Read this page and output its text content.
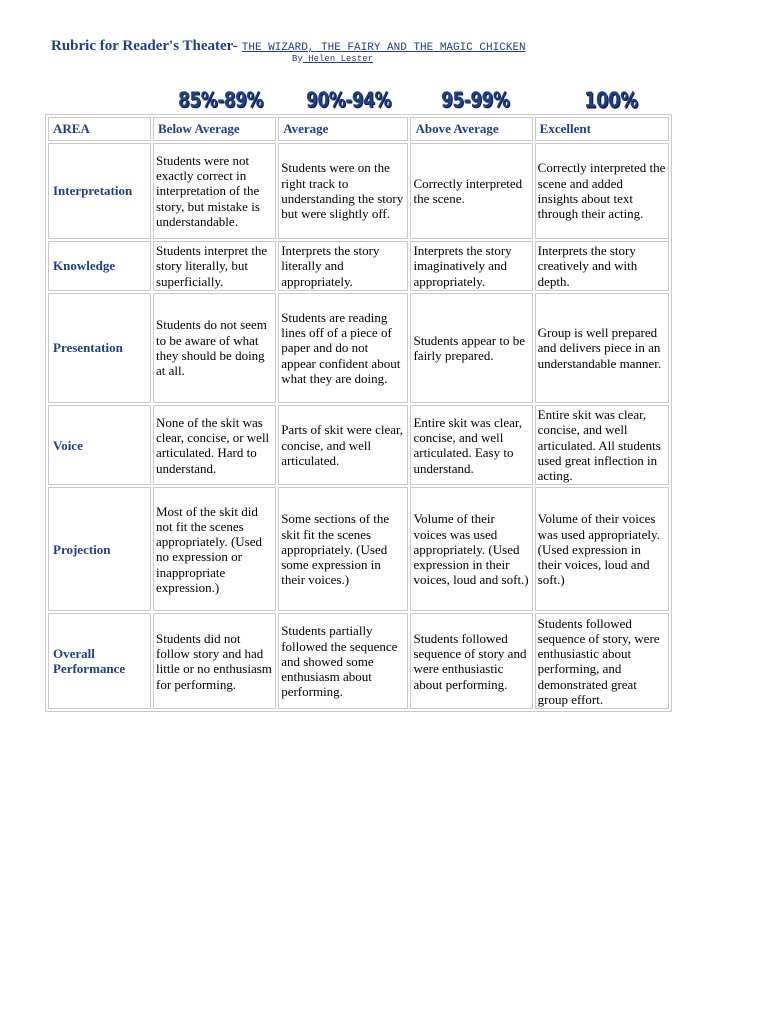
Rubric for Reader's Theater- THE WIZARD, THE FAIRY AND THE MAGIC CHICKEN
By Helen Lester
85%-89%	90%-94%	95-99%	100%
AREA	Below Average	Average	Above Average	Excellent
Interpretation	Students were not exactly correct in interpretation of the story, but mistake is understandable.	Students were on the right track to understanding the story but were slightly off.	Correctly interpreted the scene.	Correctly interpreted the scene and added insights about text through their acting.
Knowledge	Students interpret the story literally, but superficially.	Interprets the story literally and appropriately.	Interprets the story imaginatively and appropriately.	Interprets the story creatively and with depth.
Presentation	Students do not seem to be aware of what they should be doing at all.	Students are reading lines off of a piece of paper and do not appear confident about what they are doing.	Students appear to be fairly prepared.	Group is well prepared and delivers piece in an understandable manner.
Voice	None of the skit was clear, concise, or well articulated. Hard to understand.	Parts of skit were clear, concise, and well articulated.	Entire skit was clear, concise, and well articulated. Easy to understand.	Entire skit was clear, concise, and well articulated. All students used great inflection in acting.
Projection	Most of the skit did not fit the scenes appropriately. (Used no expression or inappropriate expression.)	Some sections of the skit fit the scenes appropriately. (Used some expression in their voices.)	Volume of their voices was used appropriately. (Used expression in their voices, loud and soft.)	Volume of their voices was used appropriately. (Used expression in their voices, loud and soft.)
Overall Performance	Students did not follow story and had little or no enthusiasm for performing.	Students partially followed the sequence and showed some enthusiasm about performing.	Students followed sequence of story and were enthusiastic about performing.	Students followed sequence of story, were enthusiastic about performing, and demonstrated great group effort.
